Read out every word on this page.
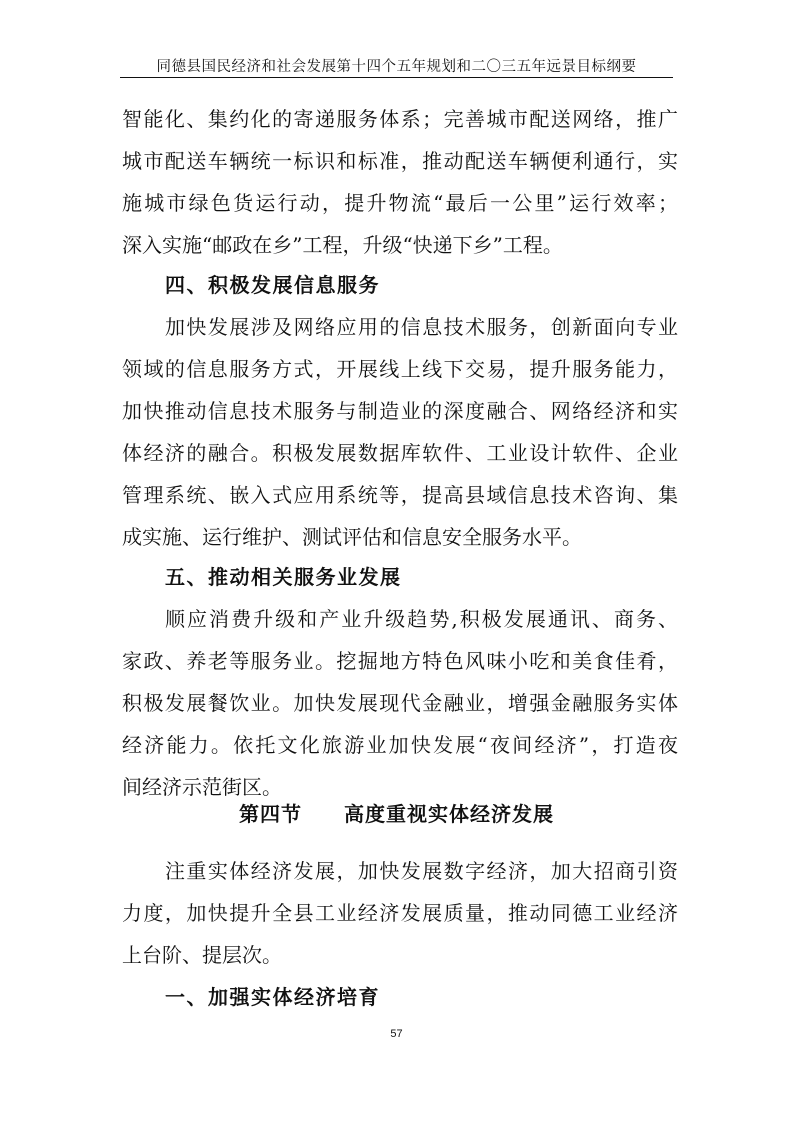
同德县国民经济和社会发展第十四个五年规划和二〇三五年远景目标纲要
智能化、集约化的寄递服务体系；完善城市配送网络，推广
城市配送车辆统一标识和标准，推动配送车辆便利通行，实
施城市绿色货运行动，提升物流“最后一公里”运行效率；
深入实施“邮政在乡”工程，升级“快递下乡”工程。
四、积极发展信息服务
加快发展涉及网络应用的信息技术服务，创新面向专业
领域的信息服务方式，开展线上线下交易，提升服务能力，
加快推动信息技术服务与制造业的深度融合、网络经济和实
体经济的融合。积极发展数据库软件、工业设计软件、企业
管理系统、嵌入式应用系统等，提高县域信息技术咨询、集
成实施、运行维护、测试评估和信息安全服务水平。
五、推动相关服务业发展
顺应消费升级和产业升级趋势,积极发展通讯、商务、
家政、养老等服务业。挖掘地方特色风味小吃和美食佳肴，
积极发展餐饮业。加快发展现代金融业，增强金融服务实体
经济能力。依托文化旅游业加快发展“夜间经济”，打造夜
间经济示范街区。
第四节 高度重视实体经济发展
注重实体经济发展，加快发展数字经济，加大招商引资
力度，加快提升全县工业经济发展质量，推动同德工业经济
上台阶、提层次。
一、加强实体经济培育
57
